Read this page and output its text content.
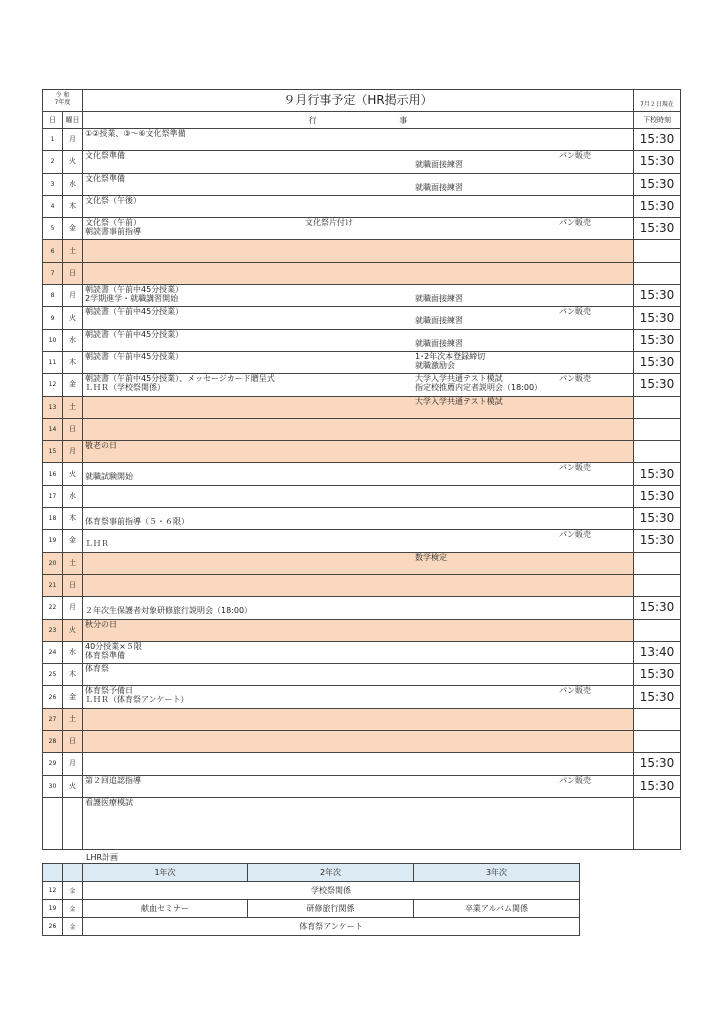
令 和
7年度		９月行事予定（HR掲示用）	7月２日現在
日	曜日	行 事	下校時刻
1	月	①②授業、③～⑥文化祭準備	15:30
2	火	文化祭準備 パン販売
就職面接練習	15:30
3	水	文化祭準備
就職面接練習	15:30
4	木	文化祭（午後）	15:30
5	金	文化祭（午前） 文化祭片付け パン販売
朝読書事前指導	15:30
6	土		
7	日		
8	月	朝読書（午前中45分授業）
2学期進学・就職講習開始 就職面接練習	15:30
9	火	朝読書（午前中45分授業） パン販売
就職面接練習	15:30
10	水	朝読書（午前中45分授業）
就職面接練習	15:30
11	木	朝読書（午前中45分授業） 1･2年次本登録締切
就職激励会	15:30
12	金	朝読書（午前中45分授業）、メッセージカード贈呈式 大学入学共通テスト模試 パン販売
ＬＨＲ（学校祭関係） 指定校推薦内定者説明会（18:00）	15:30
13	土	大学入学共通テスト模試	

14	日		
15	月	敬老の日	

16	火	パン販売
就職試験開始	15:30
17	水		15:30
18	木	体育祭事前指導（５・６限）	15:30
19	金	パン販売
ＬＨＲ	15:30
20	土	数学検定	

21	日		
22	月	２年次生保護者対象研修旅行説明会（18:00）	15:30
23	火	秋分の日	

24	水	40分授業×５限
体育祭準備	13:40
25	木	体育祭	15:30
26	金	体育祭予備日 パン販売
ＬＨＲ（体育祭アンケート）	15:30
27	土		
28	日		
29	月		15:30
30	火	第２回追認指導 パン販売	15:30

		看護医療模試	

LHR計画
		1年次	2年次	3年次
12	金	学校祭関係		
19	金	献血セミナー	研修旅行関係	卒業アルバム関係
26	金	体育祭アンケート		
